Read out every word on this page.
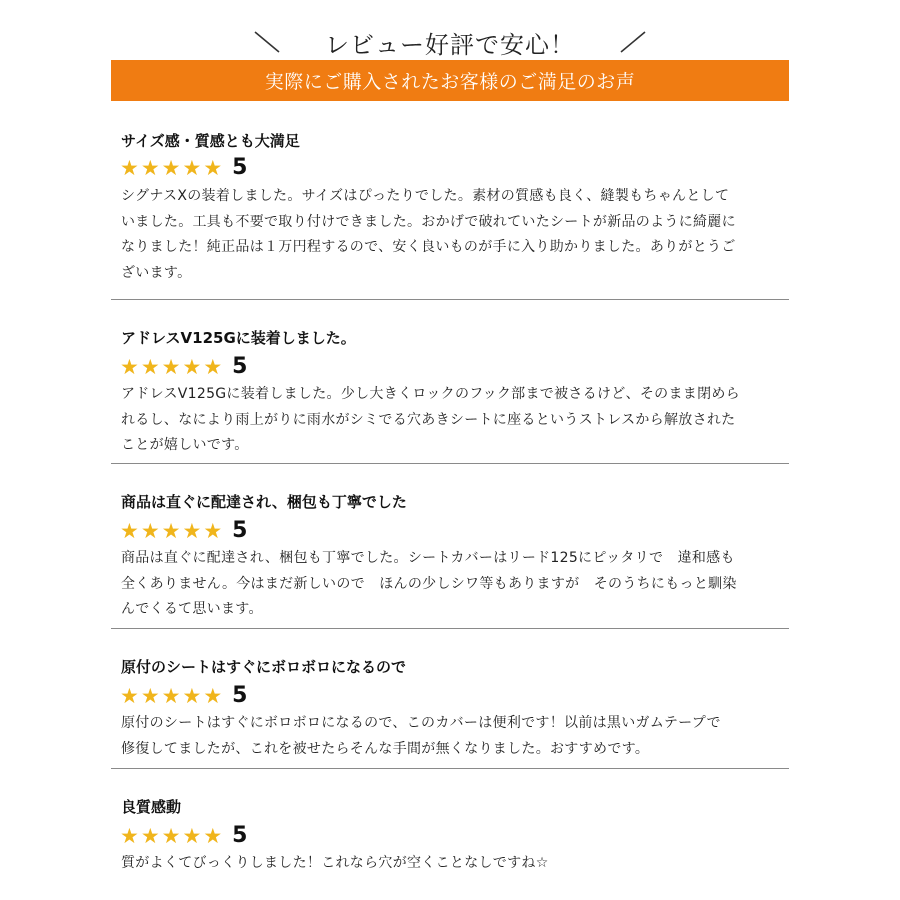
レビュー好評で安心！
実際にご購入されたお客様のご満足のお声
サイズ感・質感とも大満足
★ ★ ★ ★ ★ 5
シグナスXの装着しました。サイズはぴったりでした。素材の質感も良く、縫製もちゃんとして
いました。工具も不要で取り付けできました。おかげで破れていたシートが新品のように綺麗に
なりました！純正品は１万円程するので、安く良いものが手に入り助かりました。ありがとうご
ざいます。
アドレスV125Gに装着しました。
★ ★ ★ ★ ★ 5
アドレスV125Gに装着しました。少し大きくロックのフック部まで被さるけど、そのまま閉めら
れるし、なにより雨上がりに雨水がシミでる穴あきシートに座るというストレスから解放された
ことが嬉しいです。
商品は直ぐに配達され、梱包も丁寧でした
★ ★ ★ ★ ★ 5
商品は直ぐに配達され、梱包も丁寧でした。シートカバーはリード125にピッタリで　違和感も
全くありません。今はまだ新しいので　ほんの少しシワ等もありますが　そのうちにもっと馴染
んでくるて思います。
原付のシートはすぐにボロボロになるので
★ ★ ★ ★ ★ 5
原付のシートはすぐにボロボロになるので、このカバーは便利です！以前は黒いガムテープで
修復してましたが、これを被せたらそんな手間が無くなりました。おすすめです。
良質感動
★ ★ ★ ★ ★ 5
質がよくてびっくりしました！これなら穴が空くことなしですね☆
